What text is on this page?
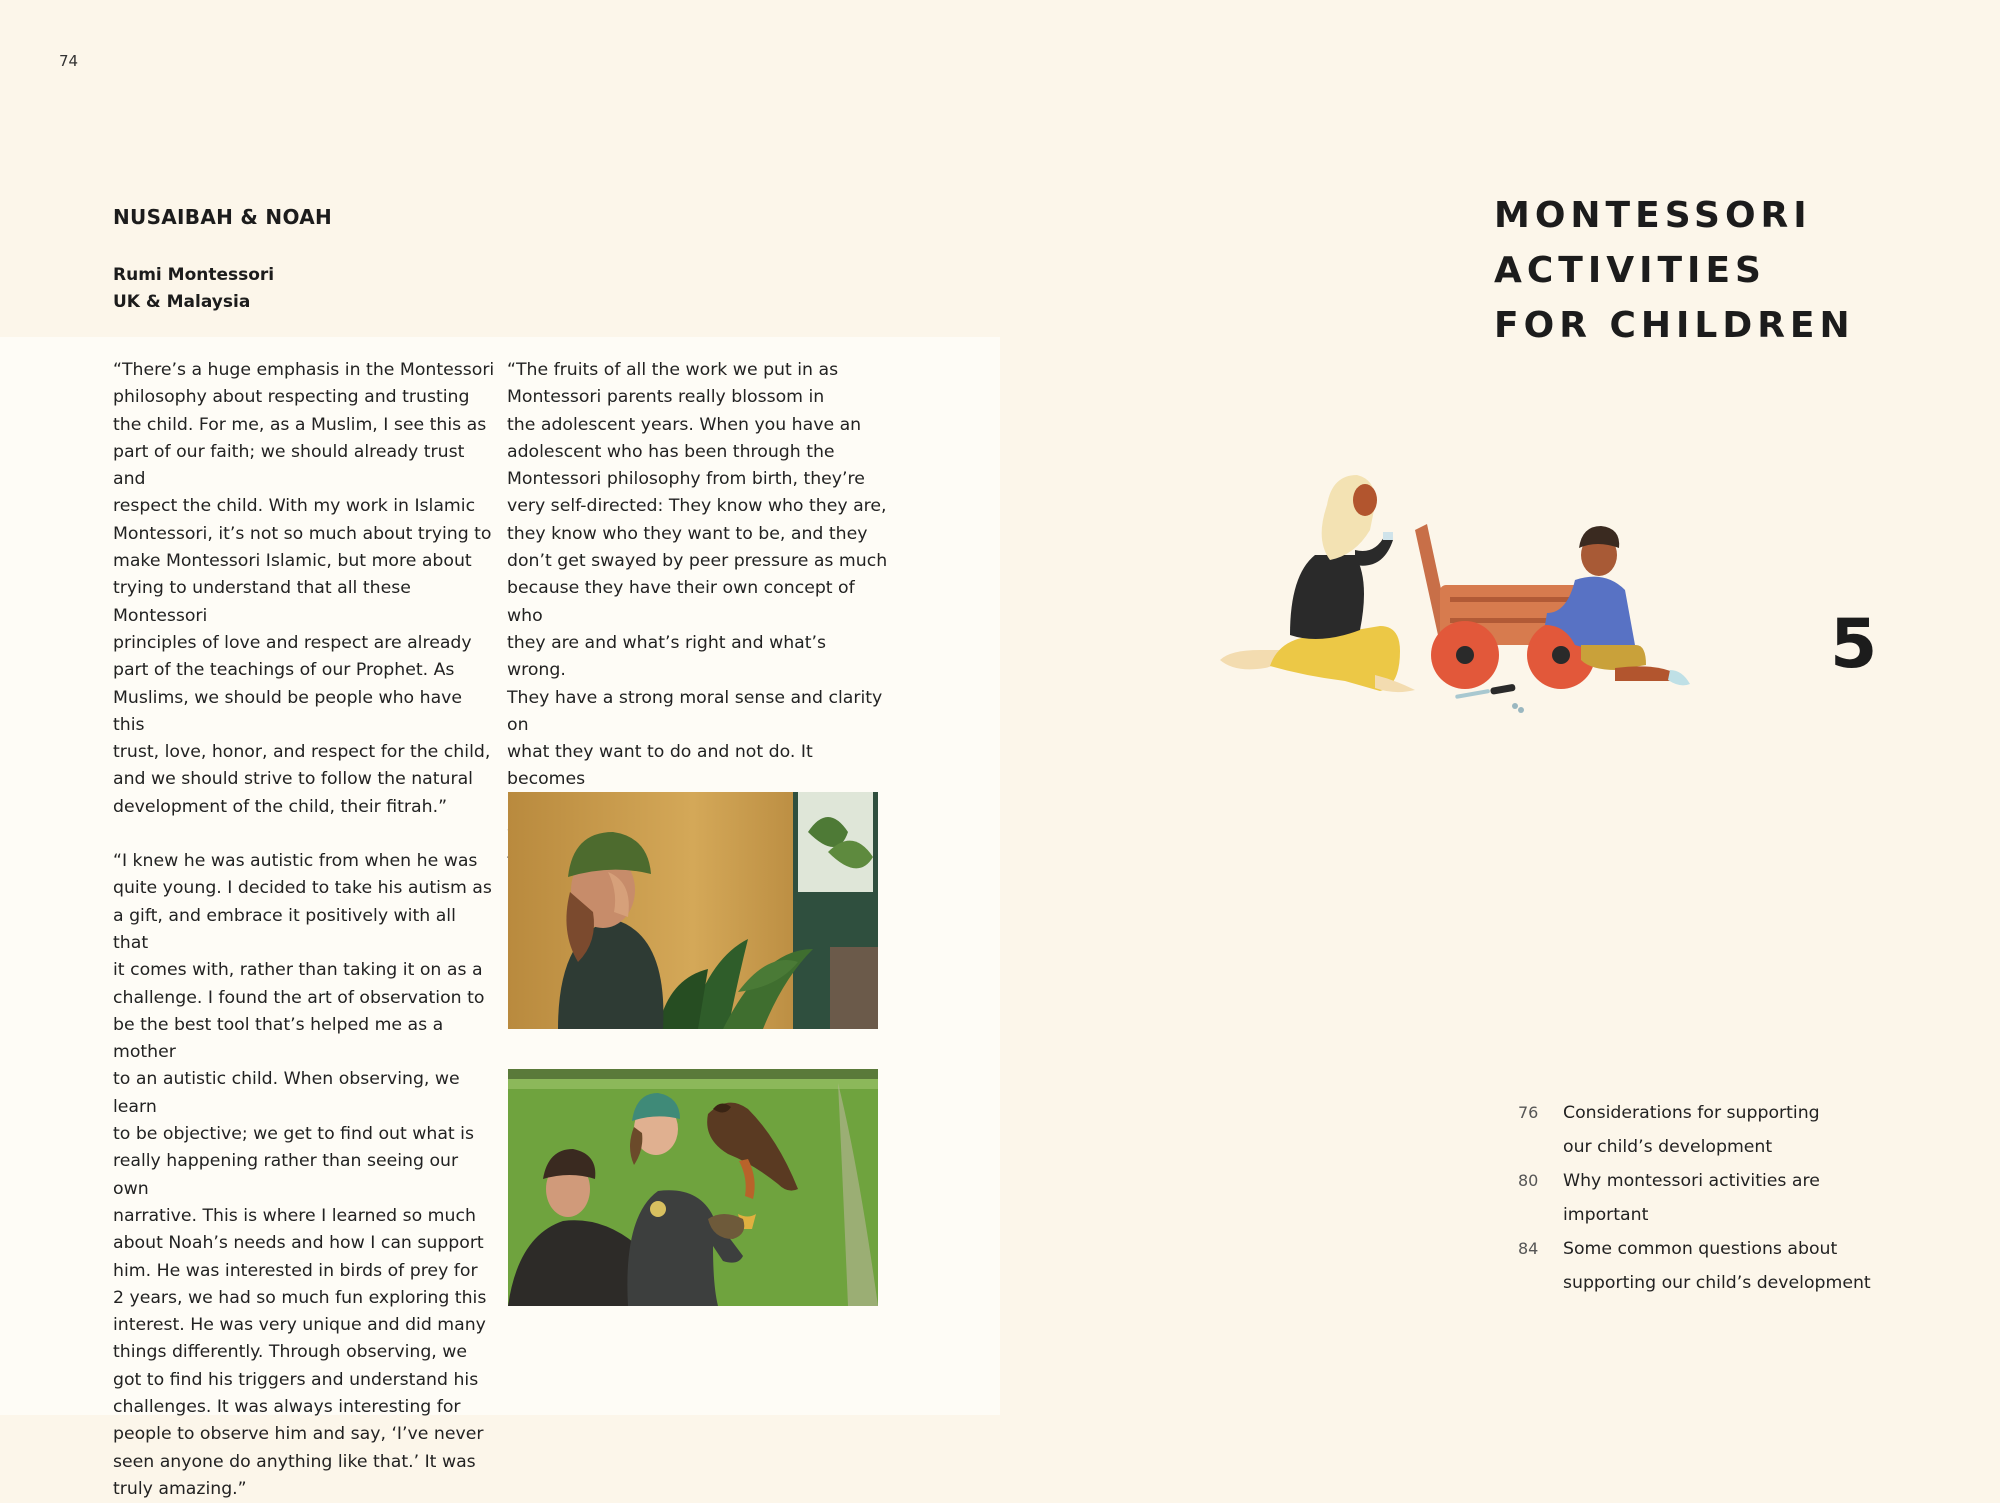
74
NUSAIBAH & NOAH
Rumi Montessori
UK & Malaysia

“There’s a huge emphasis in the Montessori
philosophy about respecting and trusting
the child. For me, as a Muslim, I see this as
part of our faith; we should already trust and
respect the child. With my work in Islamic
Montessori, it’s not so much about trying to
make Montessori Islamic, but more about
trying to understand that all these Montessori
principles of love and respect are already
part of the teachings of our Prophet. As
Muslims, we should be people who have this
trust, love, honor, and respect for the child,
and we should strive to follow the natural
development of the child, their fitrah.”

“I knew he was autistic from when he was
quite young. I decided to take his autism as
a gift, and embrace it positively with all that
it comes with, rather than taking it on as a
challenge. I found the art of observation to
be the best tool that’s helped me as a mother
to an autistic child. When observing, we learn
to be objective; we get to find out what is
really happening rather than seeing our own
narrative. This is where I learned so much
about Noah’s needs and how I can support
him. He was interested in birds of prey for
2 years, we had so much fun exploring this
interest. He was very unique and did many
things differently. Through observing, we
got to find his triggers and understand his
challenges. It was always interesting for
people to observe him and say, ‘I’ve never
seen anyone do anything like that.’ It was
truly amazing.”

“The fruits of all the work we put in as
Montessori parents really blossom in
the adolescent years. When you have an
adolescent who has been through the
Montessori philosophy from birth, they’re
very self-directed: They know who they are,
they know who they want to be, and they
don’t get swayed by peer pressure as much
because they have their own concept of who
they are and what’s right and what’s wrong.
They have a strong moral sense and clarity on
what they want to do and not do. It becomes

MONTESSORI
ACTIVITIES
FOR CHILDREN
5
76 Considerations for supporting
our child’s development
80 Why montessori activities are
important
84 Some common questions about
supporting our child’s development
